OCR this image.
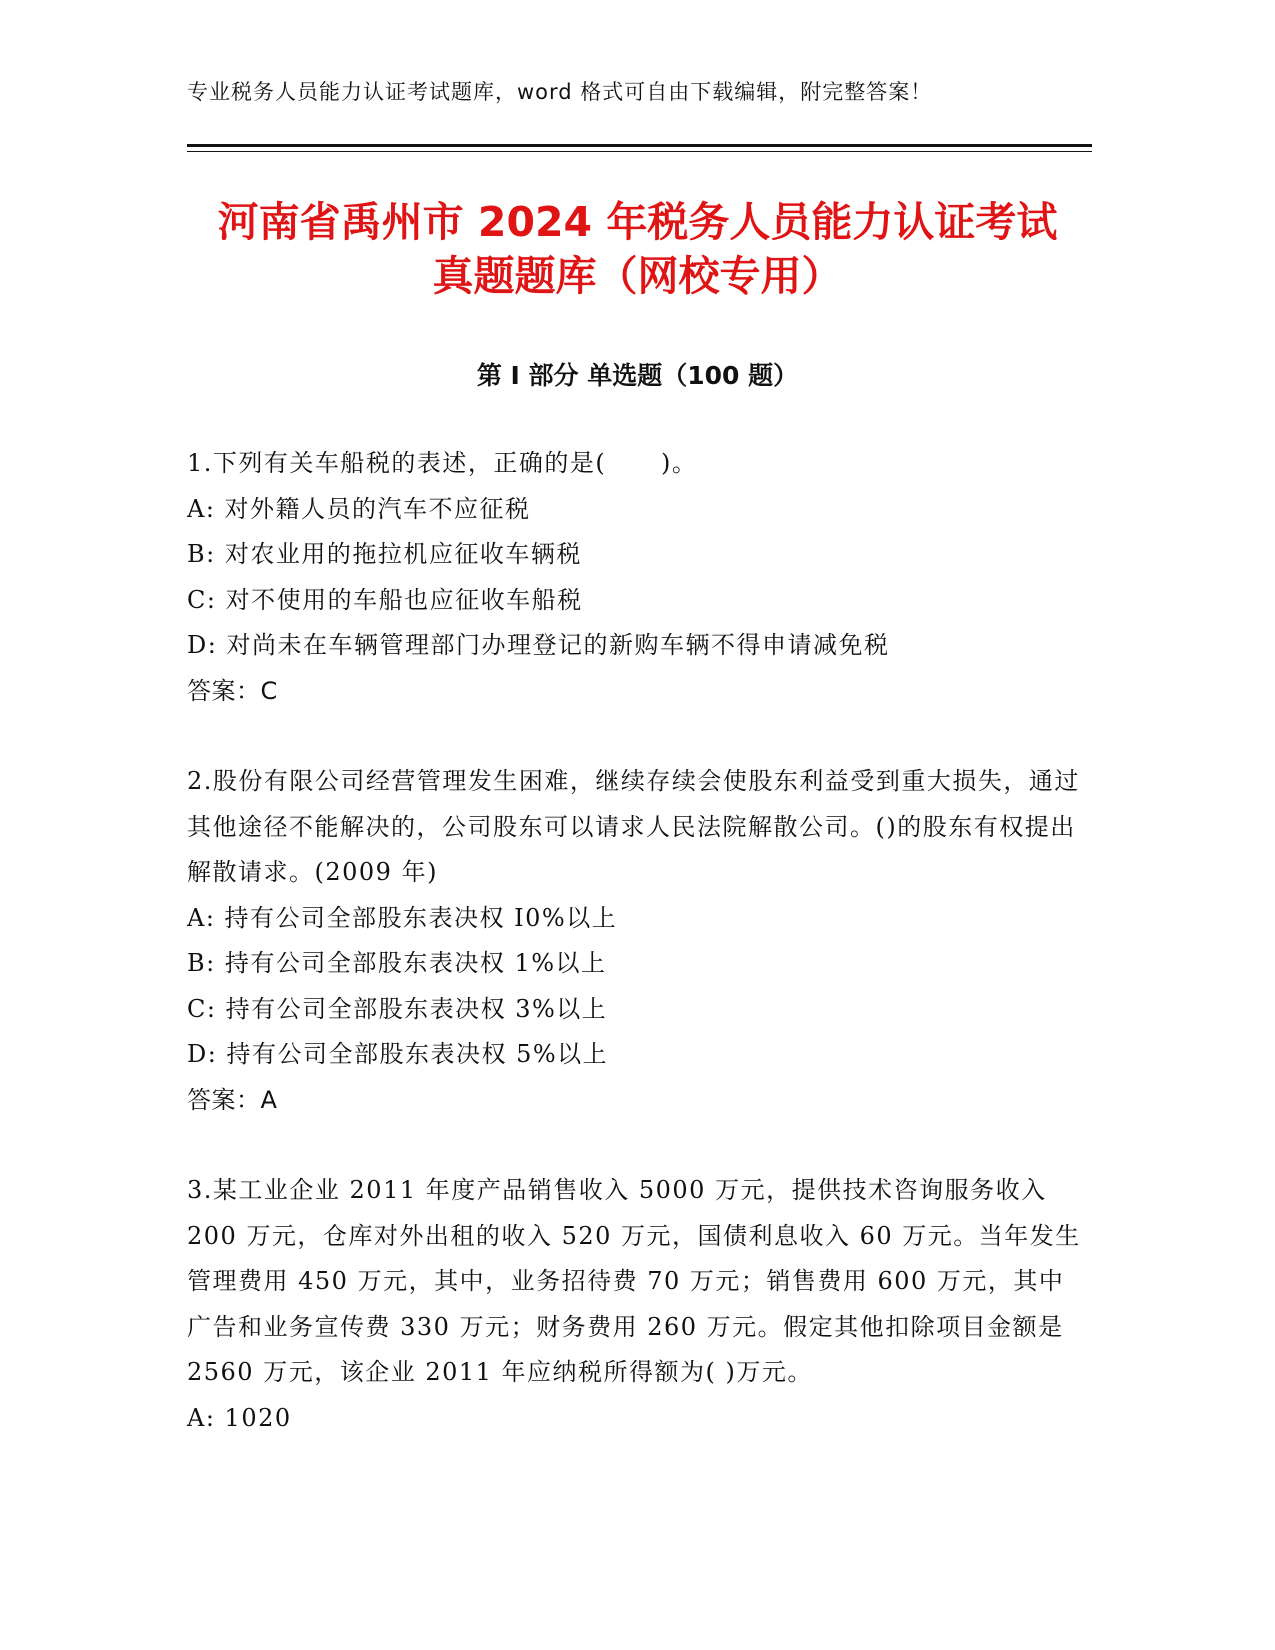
专业税务人员能力认证考试题库，word 格式可自由下载编辑，附完整答案！
河南省禹州市 2024 年税务人员能力认证考试
真题题库（网校专用）
第 I 部分 单选题（100 题）
1.下列有关车船税的表述，正确的是(      )。
A: 对外籍人员的汽车不应征税
B: 对农业用的拖拉机应征收车辆税
C: 对不使用的车船也应征收车船税
D: 对尚未在车辆管理部门办理登记的新购车辆不得申请减免税
答案：C
2.股份有限公司经营管理发生困难，继续存续会使股东利益受到重大损失，通过其他途径不能解决的，公司股东可以请求人民法院解散公司。()的股东有权提出解散请求。(2009 年)
A: 持有公司全部股东表决权 I0%以上
B: 持有公司全部股东表决权 1%以上
C: 持有公司全部股东表决权 3%以上
D: 持有公司全部股东表决权 5%以上
答案：A
3.某工业企业 2011 年度产品销售收入 5000 万元，提供技术咨询服务收入 200 万元，仓库对外出租的收入 520 万元，国债利息收入 60 万元。当年发生管理费用 450 万元，其中，业务招待费 70 万元；销售费用 600 万元，其中广告和业务宣传费 330 万元；财务费用 260 万元。假定其他扣除项目金额是 2560 万元，该企业 2011 年应纳税所得额为( )万元。
A: 1020
